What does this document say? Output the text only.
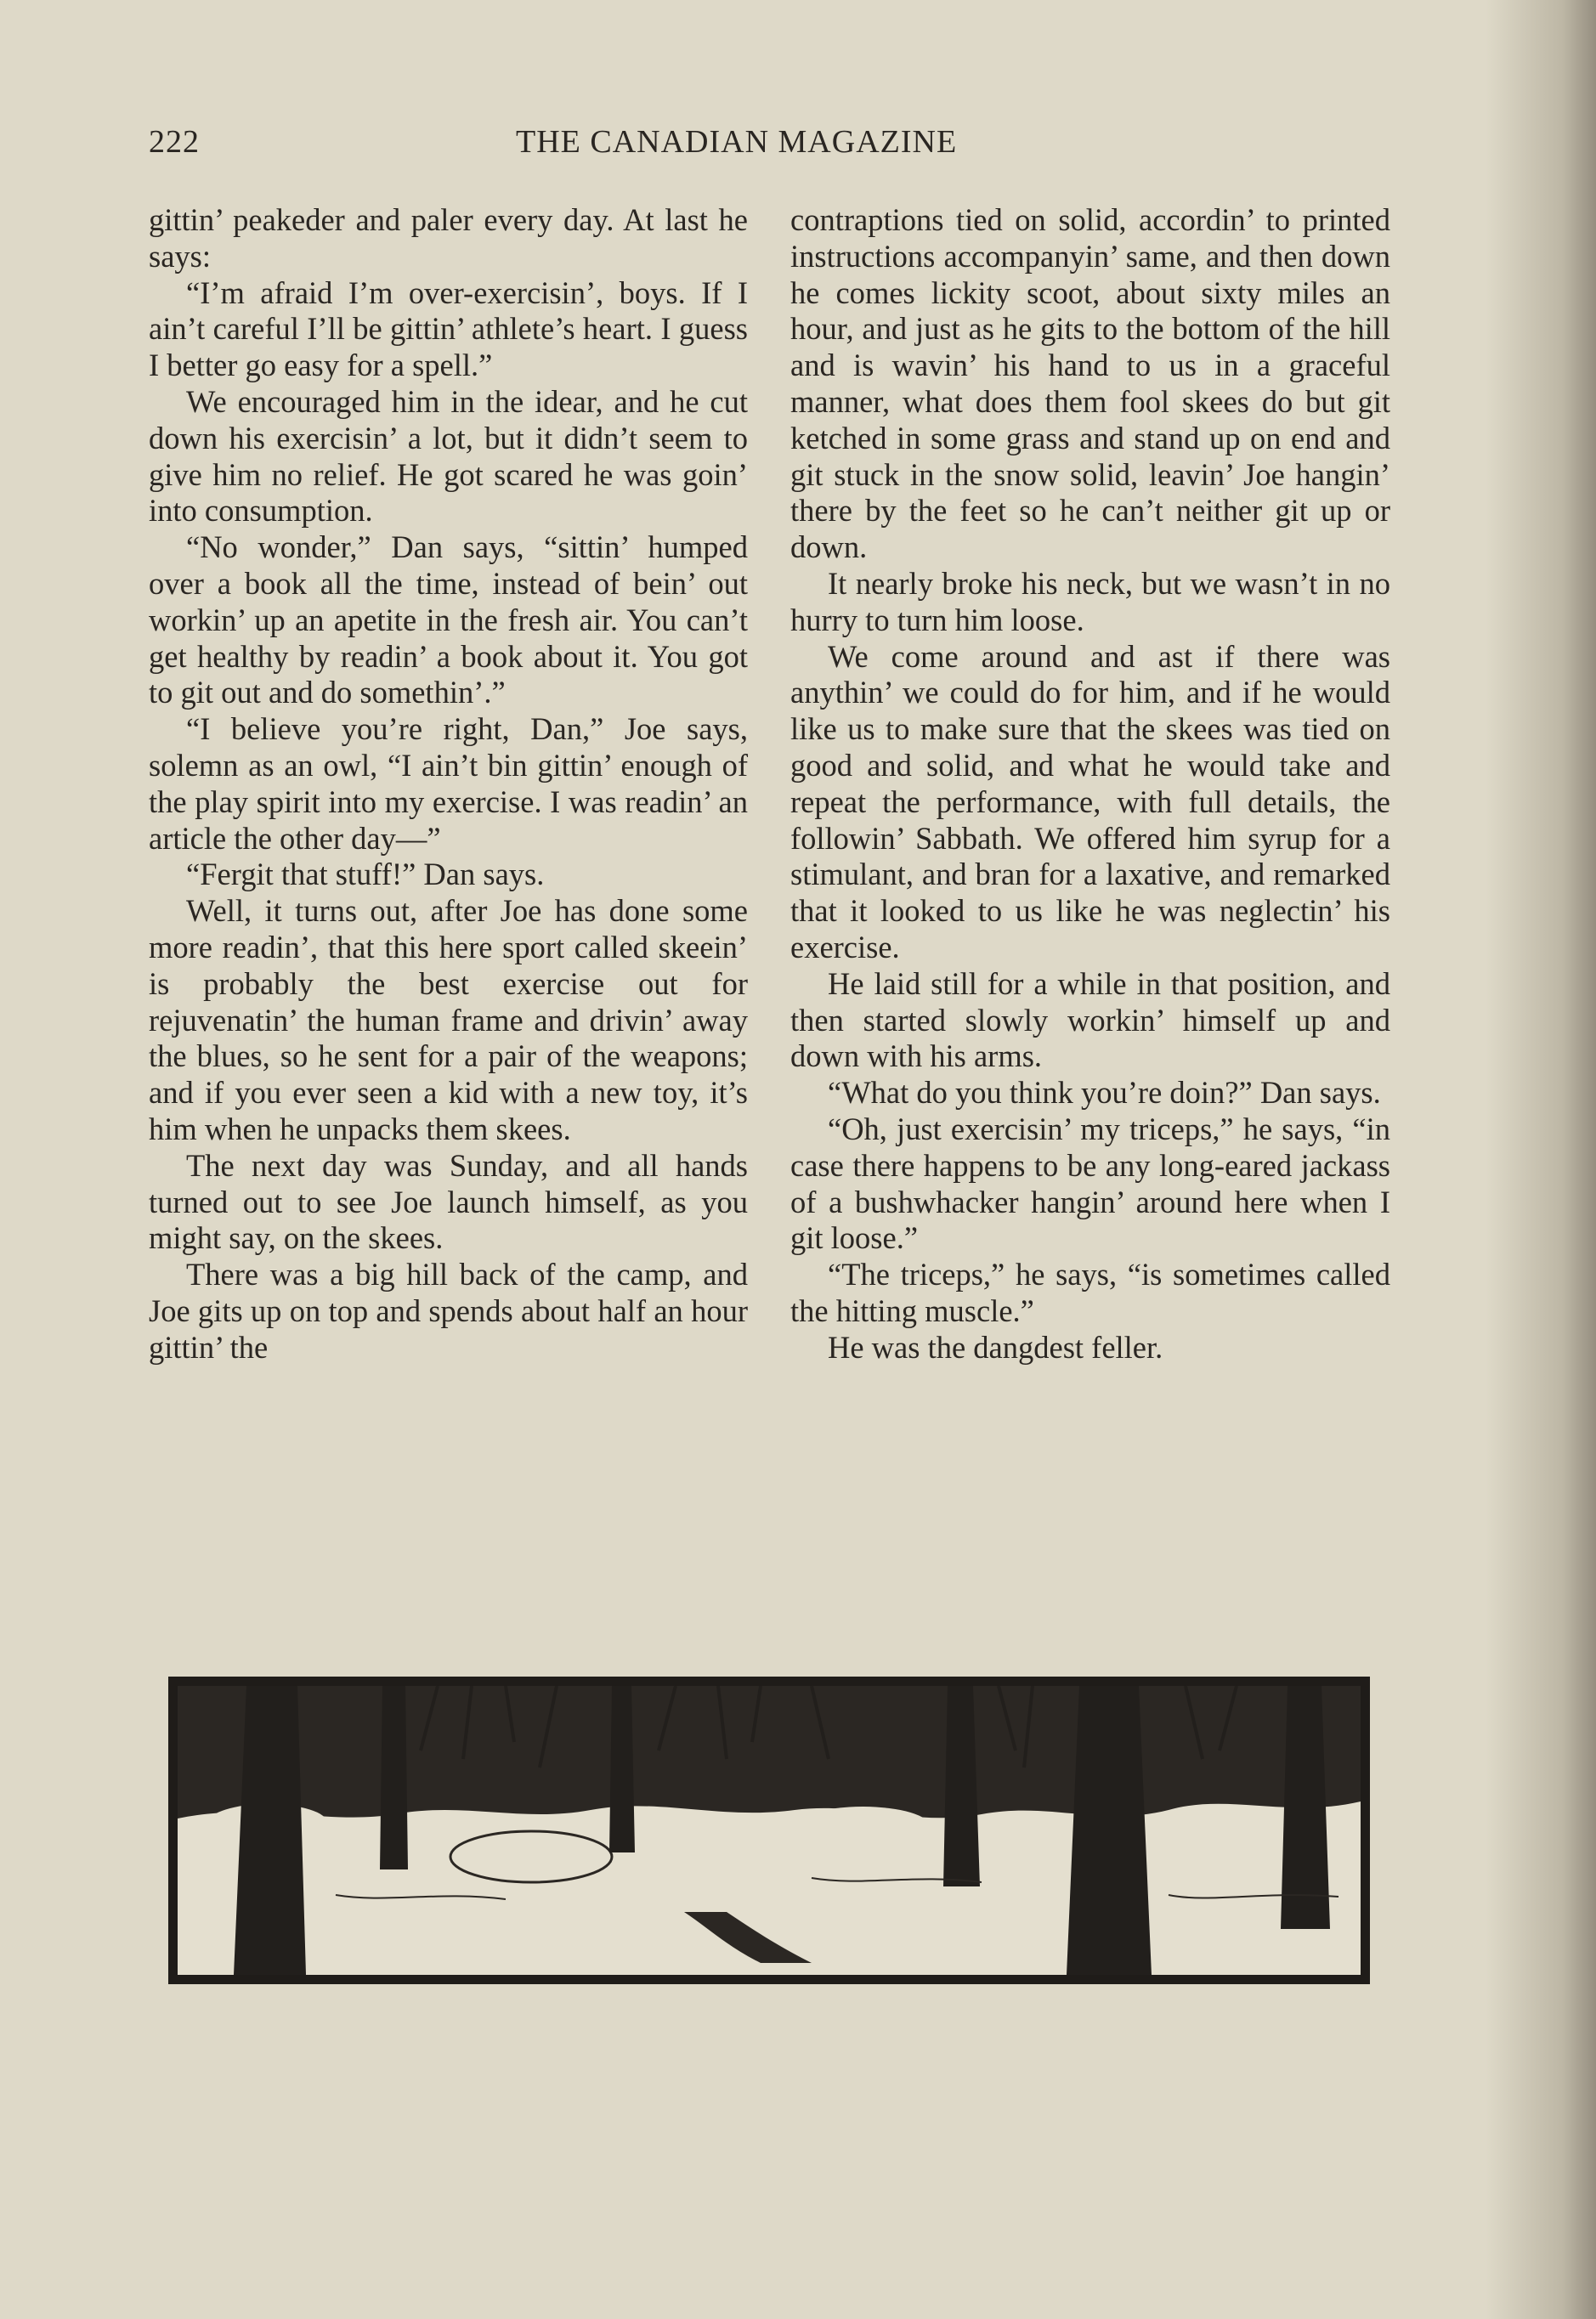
222	THE CANADIAN MAGAZINE

gittin’ peakeder and paler every day. At last he says:

“I’m afraid I’m over-exercisin’, boys. If I ain’t careful I’ll be gittin’ athlete’s heart. I guess I better go easy for a spell.”

We encouraged him in the idear, and he cut down his exercisin’ a lot, but it didn’t seem to give him no relief. He got scared he was goin’ into consumption.

“No wonder,” Dan says, “sittin’ humped over a book all the time, instead of bein’ out workin’ up an apetite in the fresh air. You can’t get healthy by readin’ a book about it. You got to git out and do somethin’.”

“I believe you’re right, Dan,” Joe says, solemn as an owl, “I ain’t bin gittin’ enough of the play spirit into my exercise. I was readin’ an article the other day—”

“Fergit that stuff!” Dan says.

Well, it turns out, after Joe has done some more readin’, that this here sport called skeein’ is probably the best exercise out for rejuvenatin’ the human frame and drivin’ away the blues, so he sent for a pair of the weapons; and if you ever seen a kid with a new toy, it’s him when he unpacks them skees.

The next day was Sunday, and all hands turned out to see Joe launch himself, as you might say, on the skees.

There was a big hill back of the camp, and Joe gits up on top and spends about half an hour gittin’ the

contraptions tied on solid, accordin’ to printed instructions accompanyin’ same, and then down he comes lickity scoot, about sixty miles an hour, and just as he gits to the bottom of the hill and is wavin’ his hand to us in a graceful manner, what does them fool skees do but git ketched in some grass and stand up on end and git stuck in the snow solid, leavin’ Joe hangin’ there by the feet so he can’t neither git up or down.

It nearly broke his neck, but we wasn’t in no hurry to turn him loose.

We come around and ast if there was anythin’ we could do for him, and if he would like us to make sure that the skees was tied on good and solid, and what he would take and repeat the performance, with full details, the followin’ Sabbath. We offered him syrup for a stimulant, and bran for a laxative, and remarked that it looked to us like he was neglectin’ his exercise.

He laid still for a while in that position, and then started slowly workin’ himself up and down with his arms.

“What do you think you’re doin?” Dan says.

“Oh, just exercisin’ my triceps,” he says, “in case there happens to be any long-eared jackass of a bushwhacker hangin’ around here when I git loose.”

“The triceps,” he says, “is sometimes called the hitting muscle.”

He was the dangdest feller.
